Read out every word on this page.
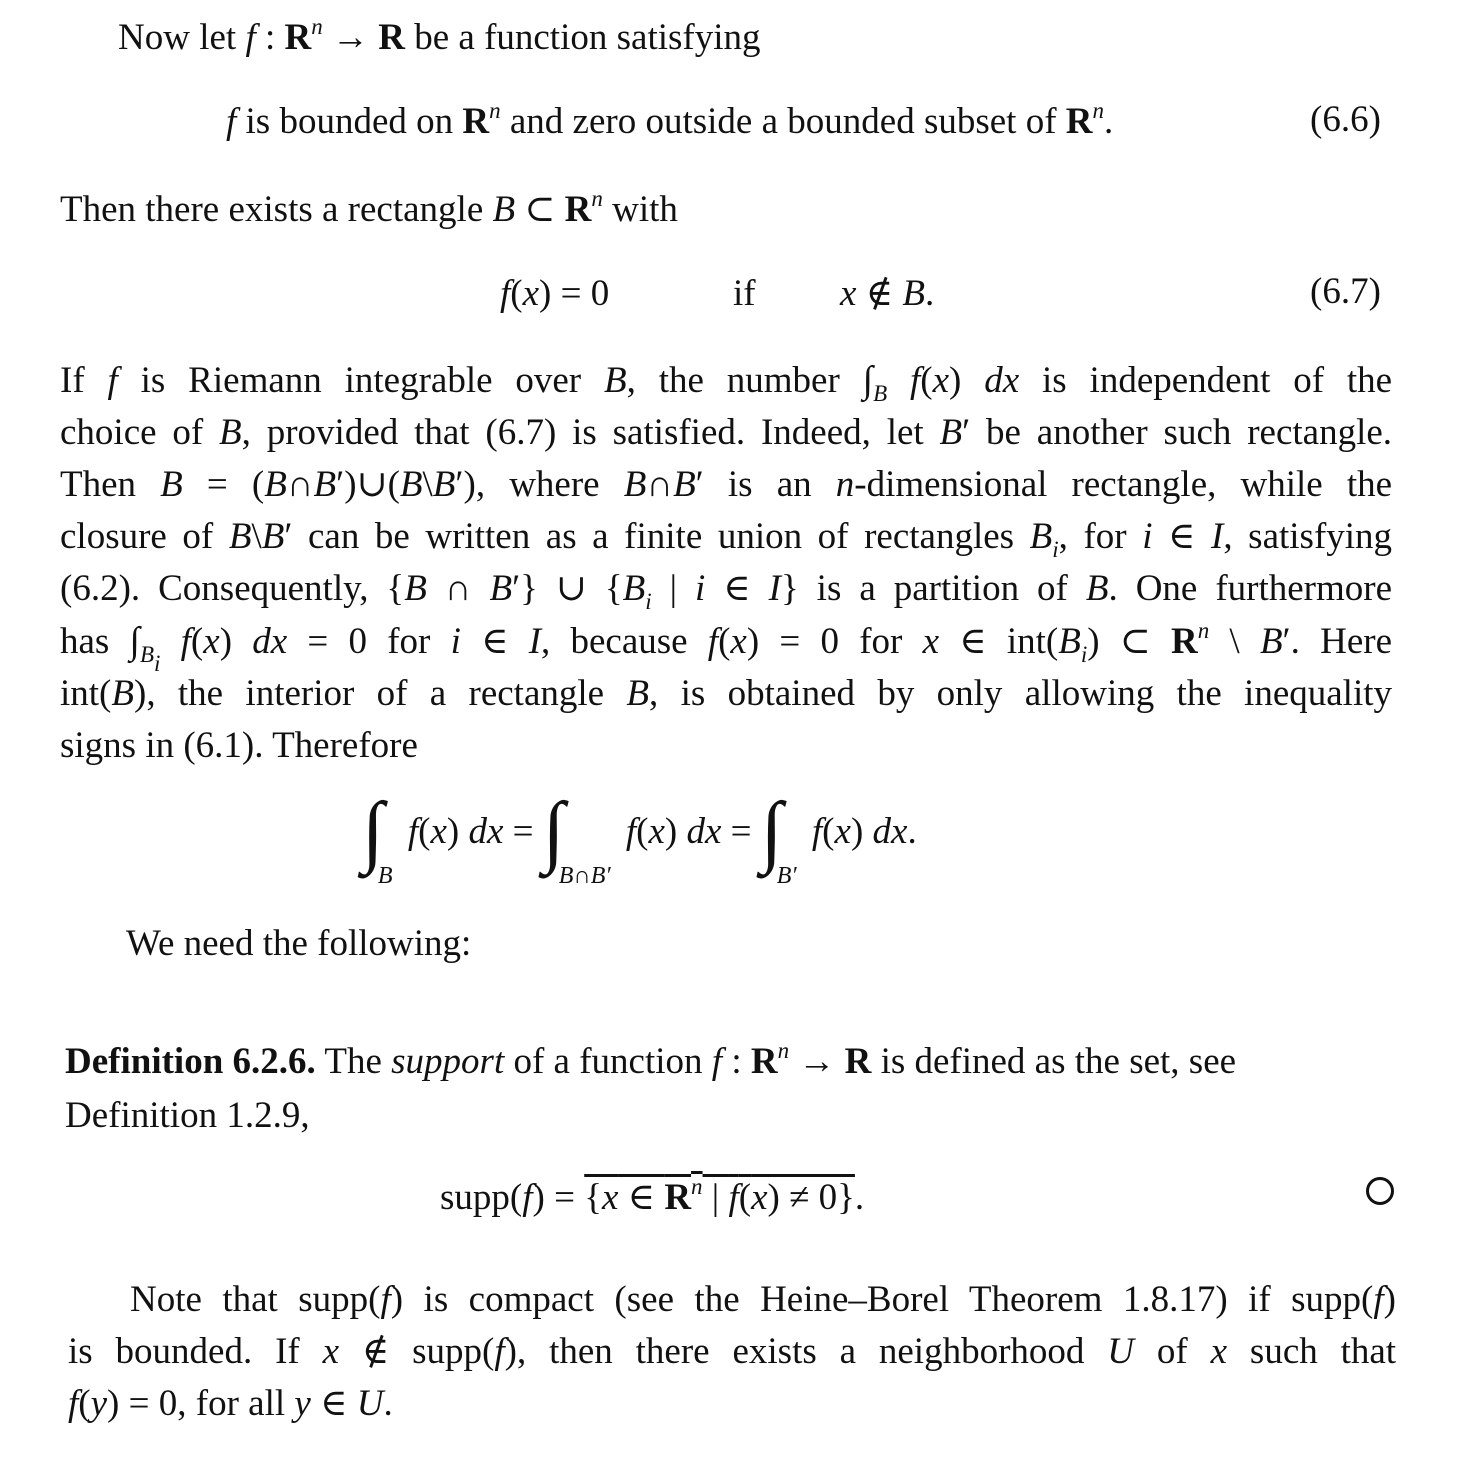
Now let f : $R^n \to R$ be a function satisfying
f is bounded on $R^n$ and zero outside a bounded subset of $R^n$.	(6.6)
Then there exists a rectangle B ⊂ $R^n$ with
f(x) = 0	if x ∉ B.	(6.7)

If f is Riemann integrable over B, the number $\int_B$ f(x) dx is independent of the

choice of B, provided that (6.7) is satisfied. Indeed, let B′ be another such rectangle.

Then B = (B∩B′)∪(B\B′), where B∩B′ is an n-dimensional rectangle, while the

closure of B\B′ can be written as a finite union of rectangles $B_i$, for i ∈ I, satisfying

(6.2). Consequently, {B ∩ B′} ∪ {$B_i$ | i ∈ I} is a partition of B. One furthermore

has $\int_{B_i}$ f(x) dx = 0 for i ∈ I, because f(x) = 0 for x ∈ $int(B_i)$ ⊂ $R^n$ \ B′. Here

int(B), the interior of a rectangle B, is obtained by only allowing the inequality

signs in (6.1). Therefore

$\int_B$ f(x) dx = $\int_{B\cap B'}$ f(x) dx = $\int_{B'}$ f(x) dx.
We need the following:
Definition 6.2.6. The support of a function f : $R^n \to R$ is defined as the set, see
Definition 1.2.9,
supp(f) = {x ∈ $R^n$ | f(x) ≠ 0}.

Note that supp(f) is compact (see the Heine–Borel Theorem 1.8.17) if supp(f)

is bounded. If x ∉ supp(f), then there exists a neighborhood U of x such that

f(y) = 0, for all y ∈ U.
